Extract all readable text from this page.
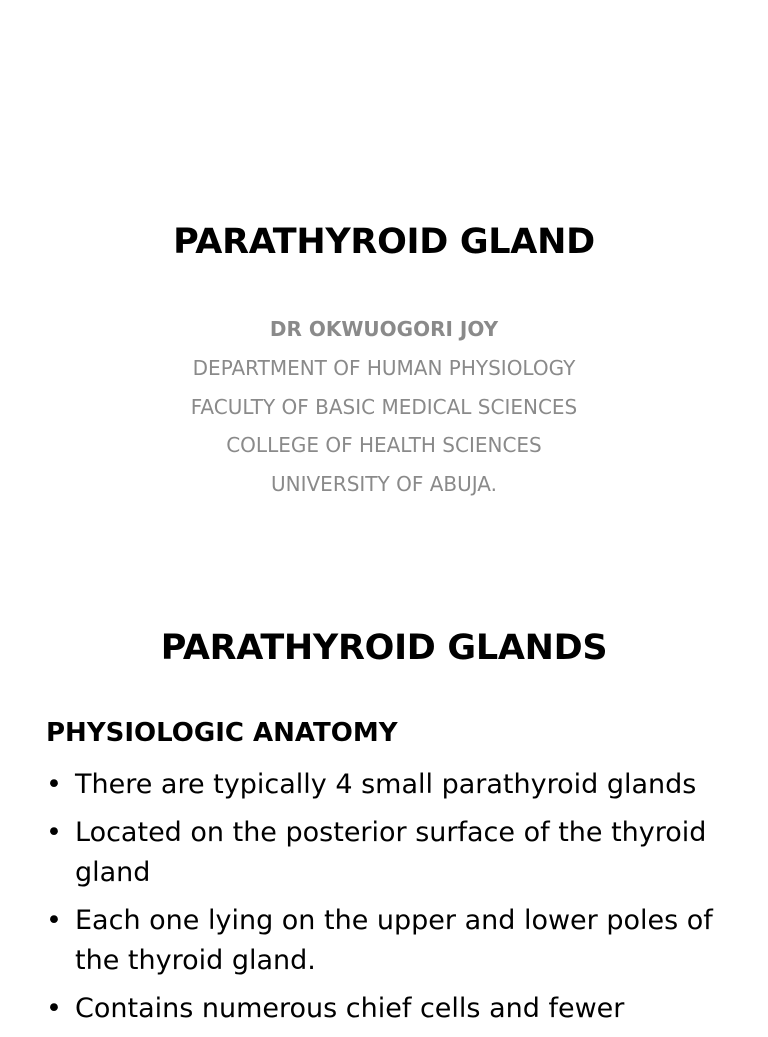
PARATHYROID GLAND
DR OKWUOGORI JOY
DEPARTMENT OF HUMAN PHYSIOLOGY
FACULTY OF BASIC MEDICAL SCIENCES
COLLEGE OF HEALTH SCIENCES
UNIVERSITY OF ABUJA.
PARATHYROID GLANDS
PHYSIOLOGIC ANATOMY
• There are typically 4 small parathyroid glands
• Located on the posterior surface of the thyroid gland
• Each one lying on the upper and lower poles of the thyroid gland.
• Contains numerous chief cells and fewer
